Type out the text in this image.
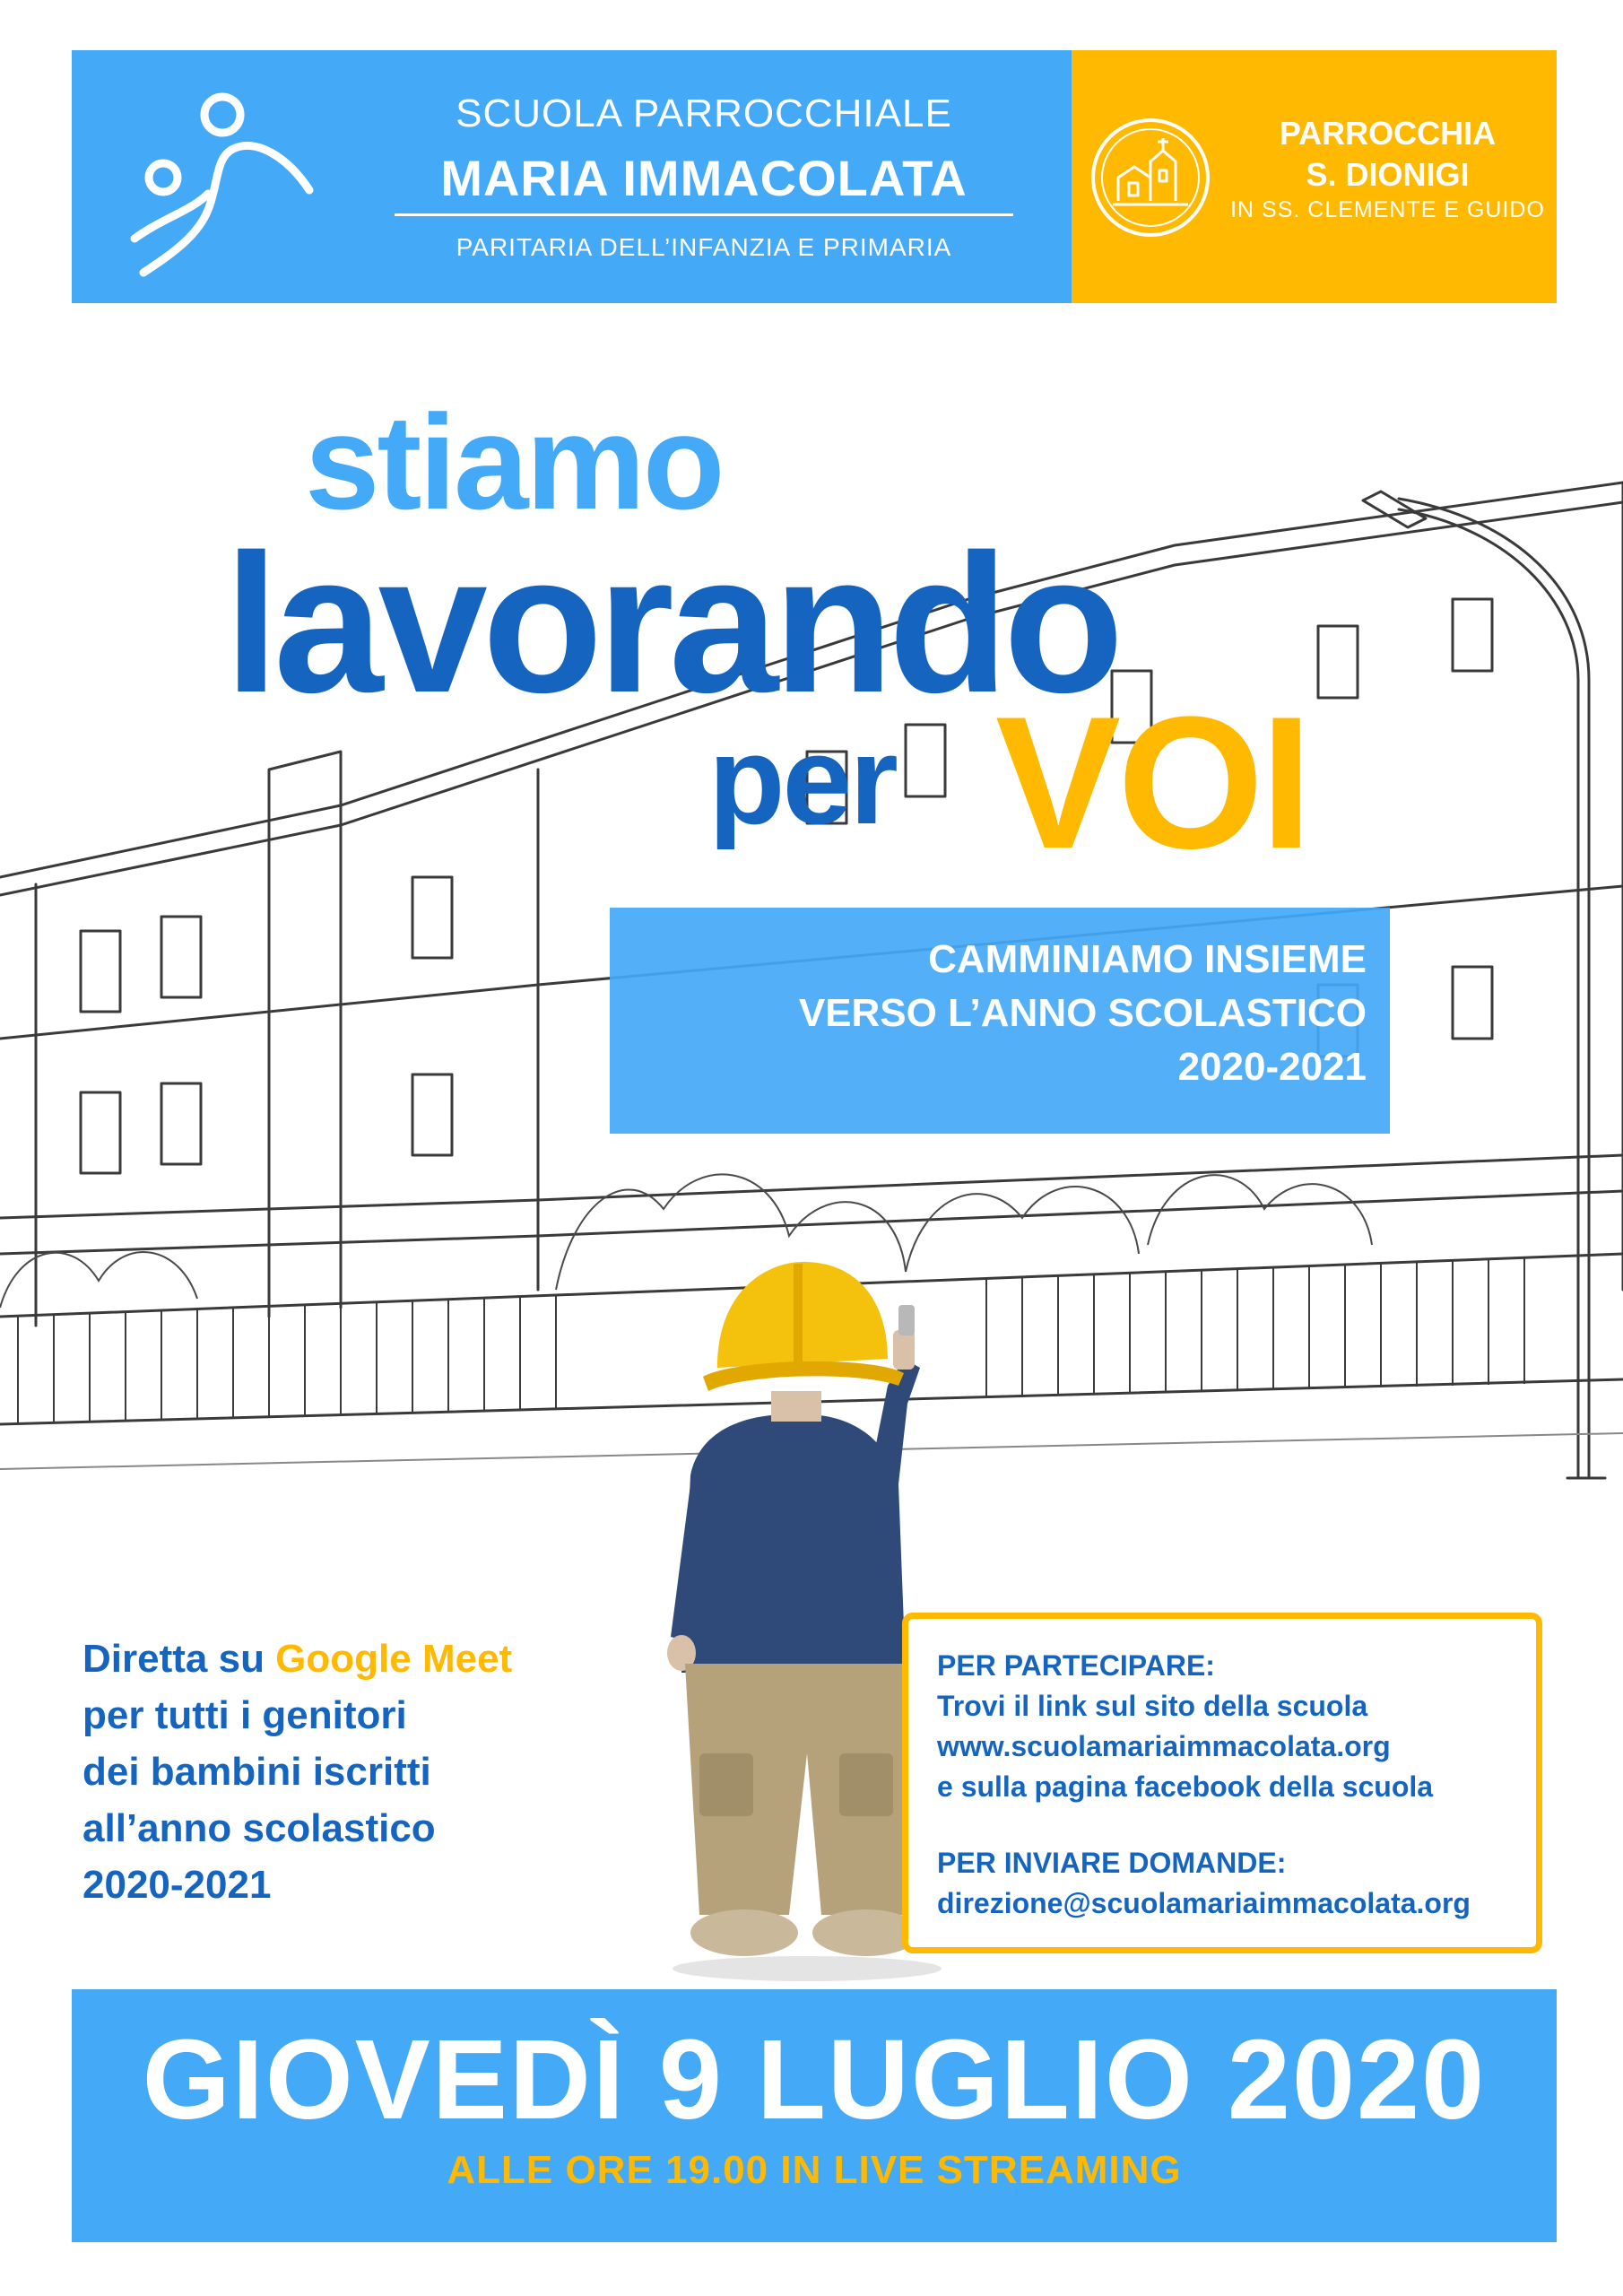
SCUOLA PARROCCHIALE
MARIA IMMACOLATA
PARITARIA DELL’INFANZIA E PRIMARIA
PARROCCHIA
S. DIONIGI
IN SS. CLEMENTE E GUIDO
stiamo
lavorando
per VOI
CAMMINIAMO INSIEME
VERSO L’ANNO SCOLASTICO
2020-2021
Diretta su Google Meet
per tutti i genitori
dei bambini iscritti
all’anno scolastico
2020-2021
PER PARTECIPARE:
Trovi il link sul sito della scuola
www.scuolamariaimmacolata.org
e sulla pagina facebook della scuola
PER INVIARE DOMANDE:
direzione@scuolamariaimmacolata.org
GIOVEDÌ 9 LUGLIO 2020
ALLE ORE 19.00 IN LIVE STREAMING
